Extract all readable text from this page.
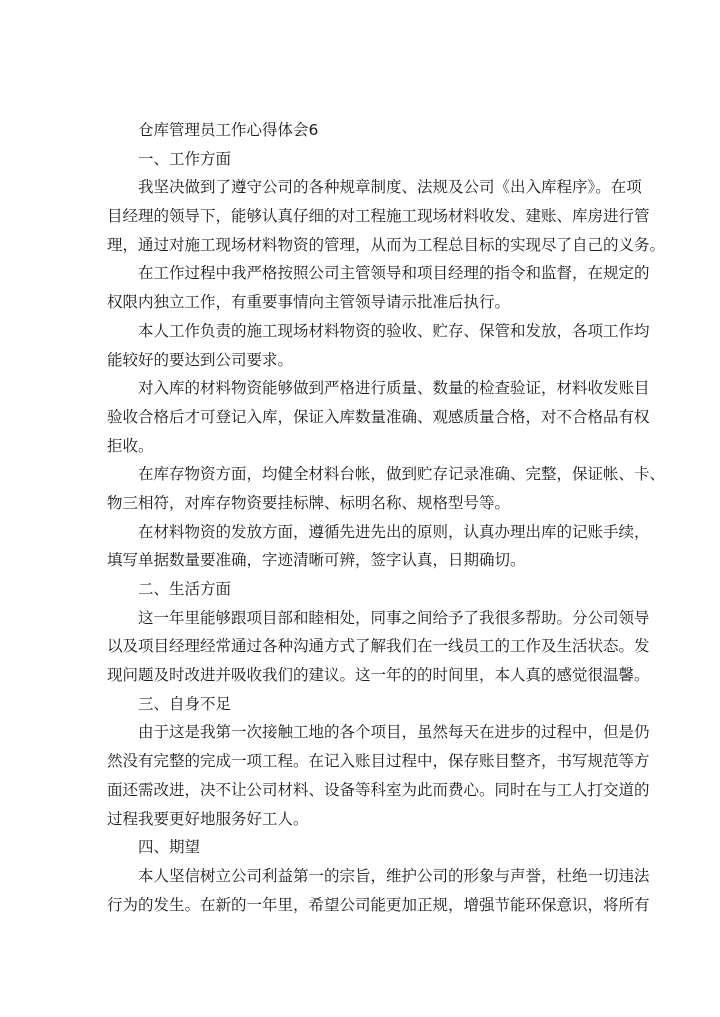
仓库管理员工作心得体会6
一、工作方面
我坚决做到了遵守公司的各种规章制度、法规及公司《出入库程序》。在项
目经理的领导下，能够认真仔细的对工程施工现场材料收发、建账、库房进行管
理，通过对施工现场材料物资的管理，从而为工程总目标的实现尽了自己的义务。
在工作过程中我严格按照公司主管领导和项目经理的指令和监督，在规定的
权限内独立工作，有重要事情向主管领导请示批准后执行。
本人工作负责的施工现场材料物资的验收、贮存、保管和发放，各项工作均
能较好的要达到公司要求。
对入库的材料物资能够做到严格进行质量、数量的检查验证，材料收发账目
验收合格后才可登记入库，保证入库数量准确、观感质量合格，对不合格品有权
拒收。
在库存物资方面，均健全材料台帐，做到贮存记录准确、完整，保证帐、卡、
物三相符，对库存物资要挂标牌、标明名称、规格型号等。
在材料物资的发放方面，遵循先进先出的原则，认真办理出库的记账手续，
填写单据数量要准确，字迹清晰可辨，签字认真，日期确切。
二、生活方面
这一年里能够跟项目部和睦相处，同事之间给予了我很多帮助。分公司领导
以及项目经理经常通过各种沟通方式了解我们在一线员工的工作及生活状态。发
现问题及时改进并吸收我们的建议。这一年的的时间里，本人真的感觉很温馨。
三、自身不足
由于这是我第一次接触工地的各个项目，虽然每天在进步的过程中，但是仍
然没有完整的完成一项工程。在记入账目过程中，保存账目整齐，书写规范等方
面还需改进，决不让公司材料、设备等科室为此而费心。同时在与工人打交道的
过程我要更好地服务好工人。
四、期望
本人坚信树立公司利益第一的宗旨，维护公司的形象与声誉，杜绝一切违法
行为的发生。在新的一年里，希望公司能更加正规，增强节能环保意识，将所有
